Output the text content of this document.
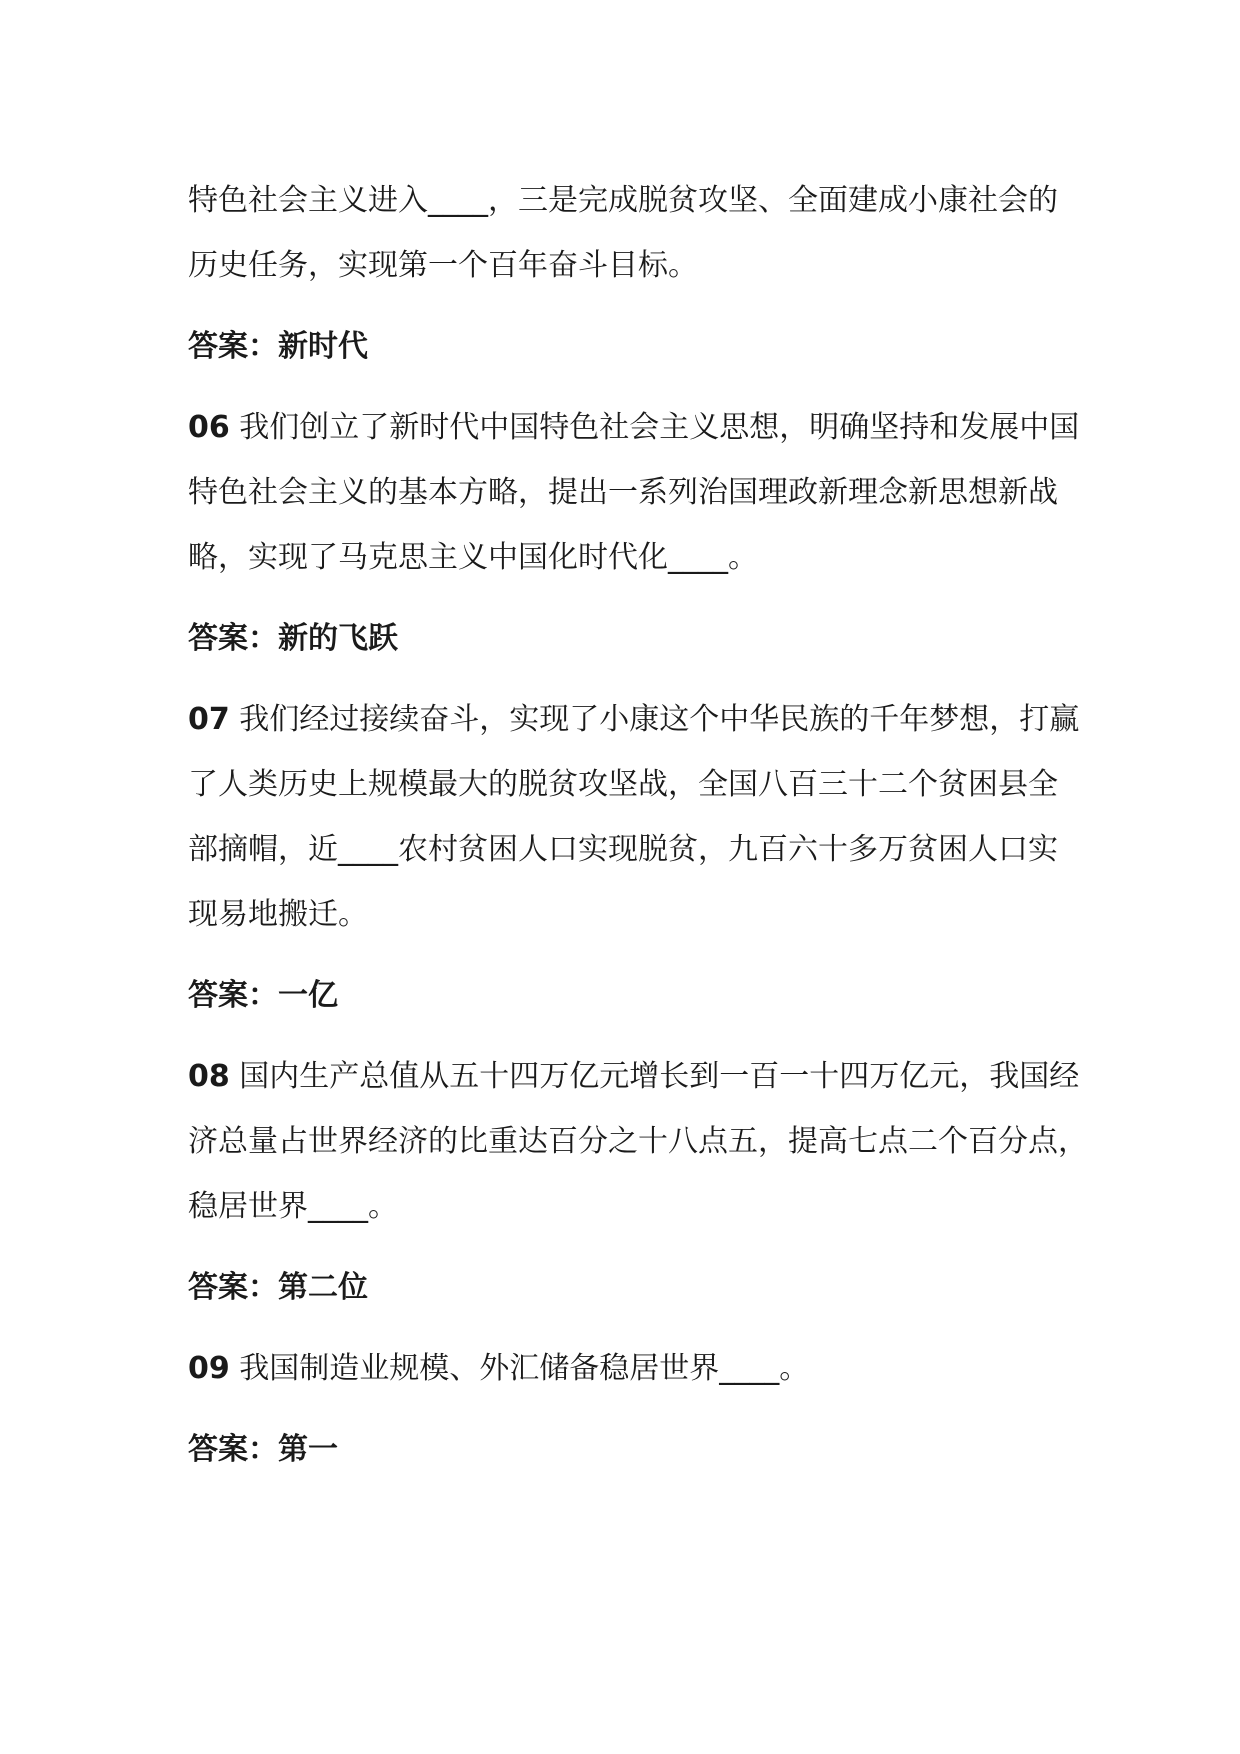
特色社会主义进入____，三是完成脱贫攻坚、全面建成小康社会的
历史任务，实现第一个百年奋斗目标。

答案：新时代

06 我们创立了新时代中国特色社会主义思想，明确坚持和发展中国
特色社会主义的基本方略，提出一系列治国理政新理念新思想新战
略，实现了马克思主义中国化时代化____。

答案：新的飞跃

07 我们经过接续奋斗，实现了小康这个中华民族的千年梦想，打赢
了人类历史上规模最大的脱贫攻坚战，全国八百三十二个贫困县全
部摘帽，近____农村贫困人口实现脱贫，九百六十多万贫困人口实
现易地搬迁。

答案：一亿

08 国内生产总值从五十四万亿元增长到一百一十四万亿元，我国经
济总量占世界经济的比重达百分之十八点五，提高七点二个百分点，
稳居世界____。

答案：第二位

09 我国制造业规模、外汇储备稳居世界____。

答案：第一
